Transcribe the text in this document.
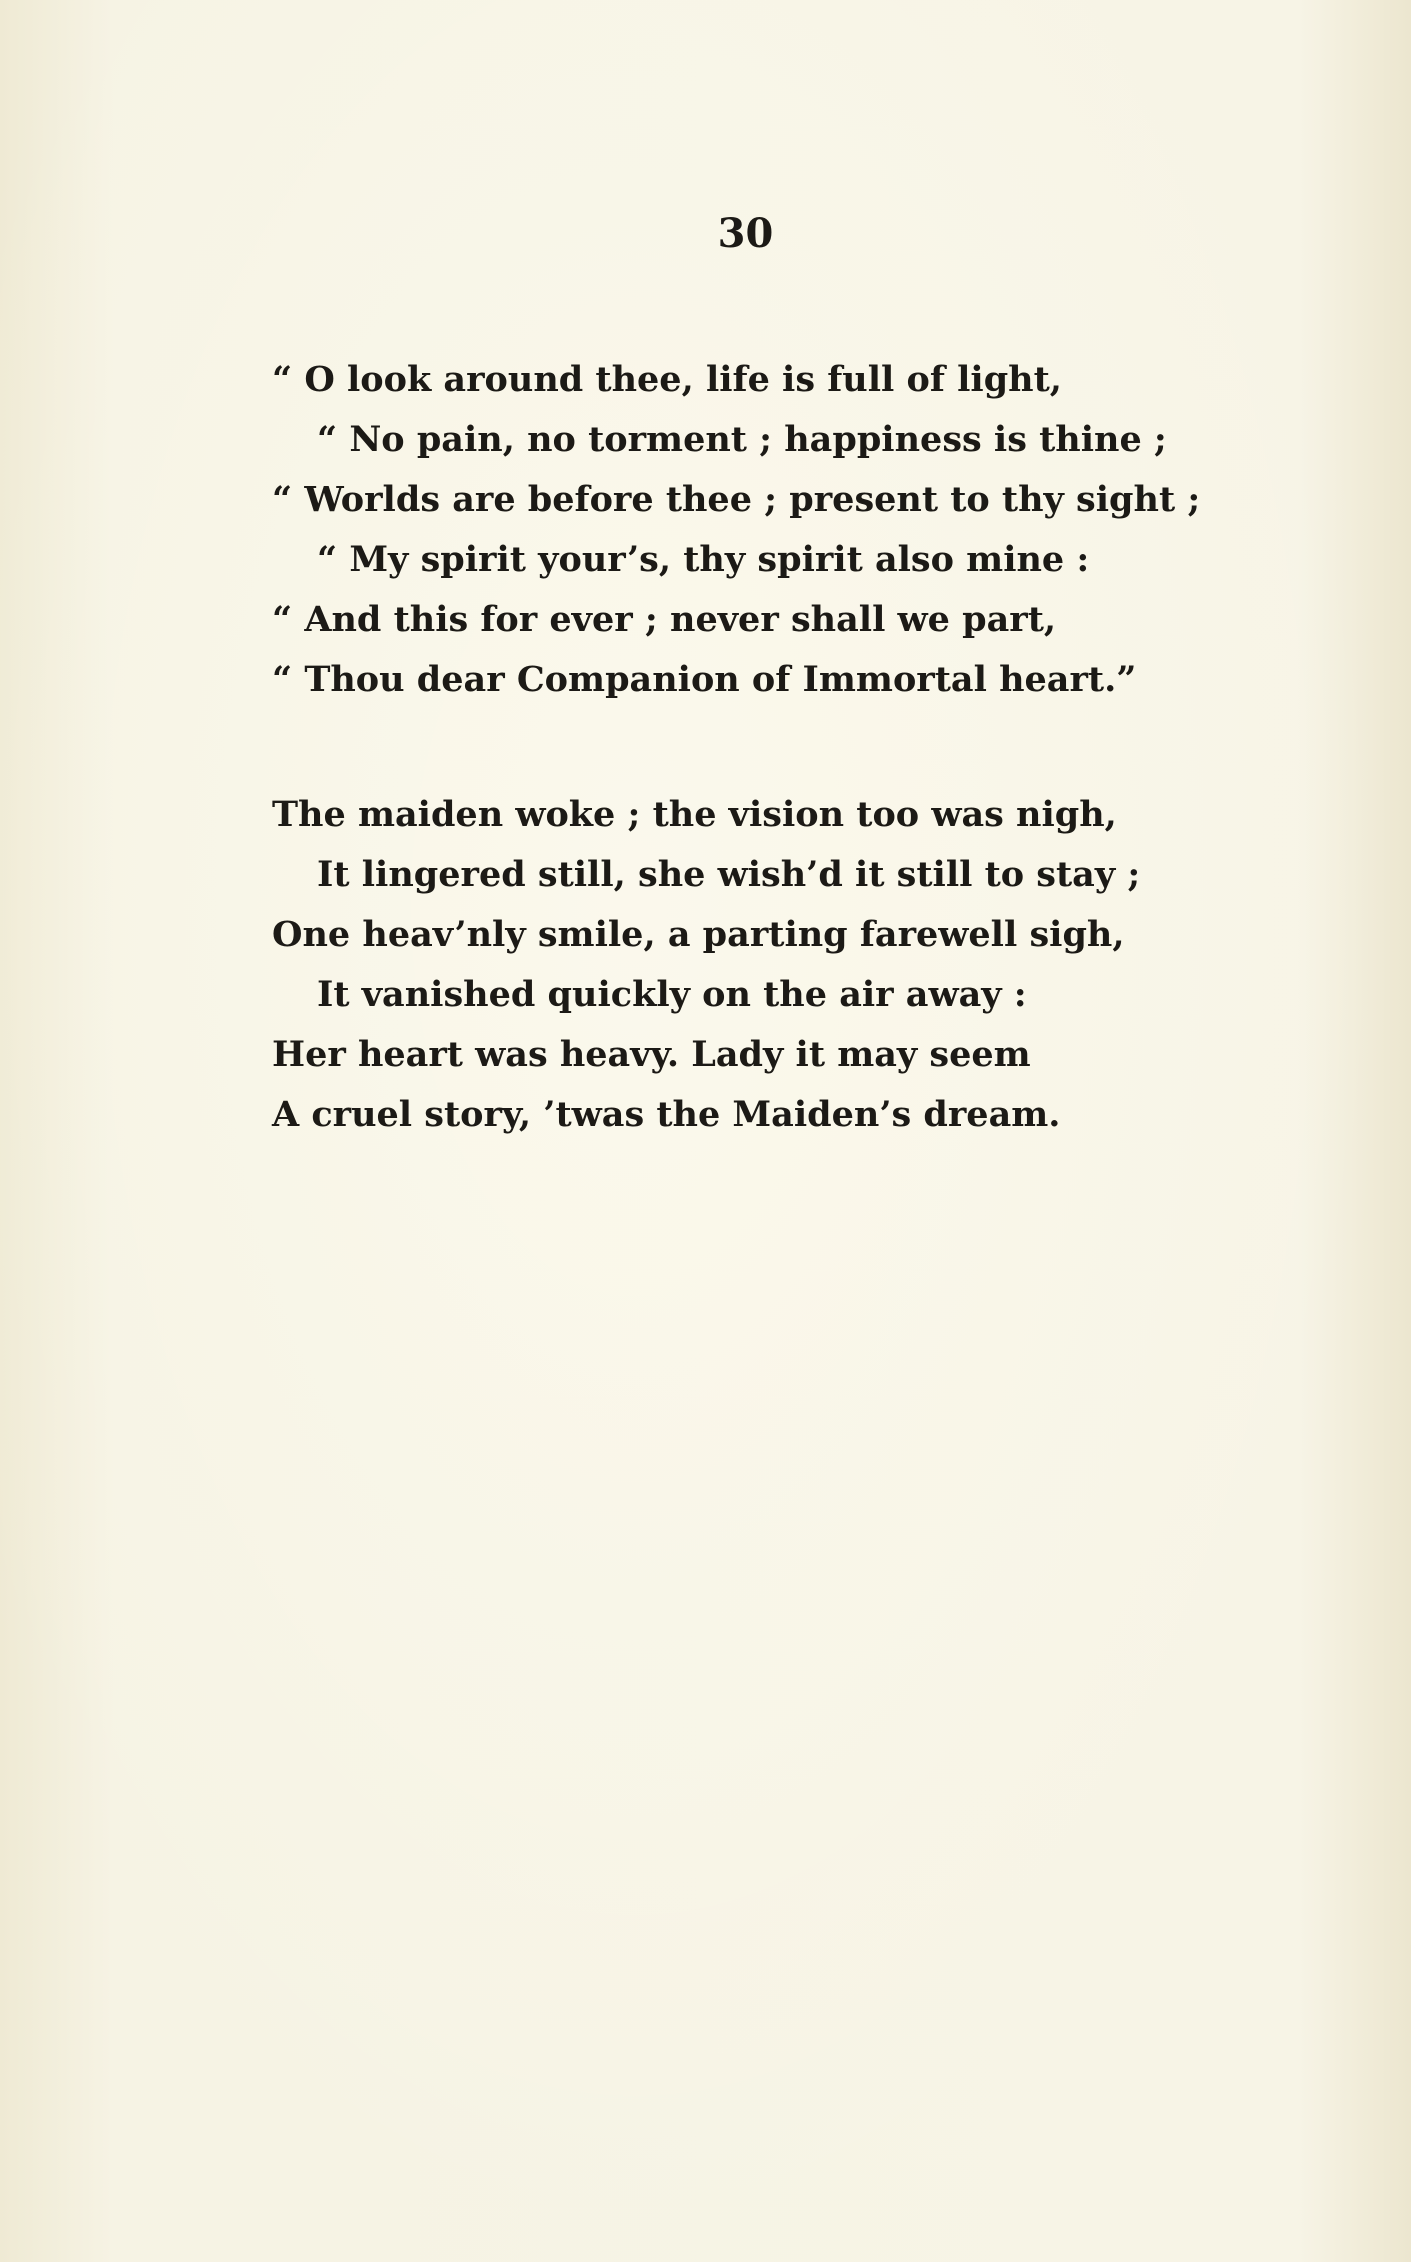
30
“ O look around thee, life is full of light,
“ No pain, no torment ; happiness is thine ;
“ Worlds are before thee ; present to thy sight ;
“ My spirit your’s, thy spirit also mine :
“ And this for ever ; never shall we part,
“ Thou dear Companion of Immortal heart.”
The maiden woke ; the vision too was nigh,
It lingered still, she wish’d it still to stay ;
One heav’nly smile, a parting farewell sigh,
It vanished quickly on the air away :
Her heart was heavy. Lady it may seem
A cruel story, ’twas the Maiden’s dream.
